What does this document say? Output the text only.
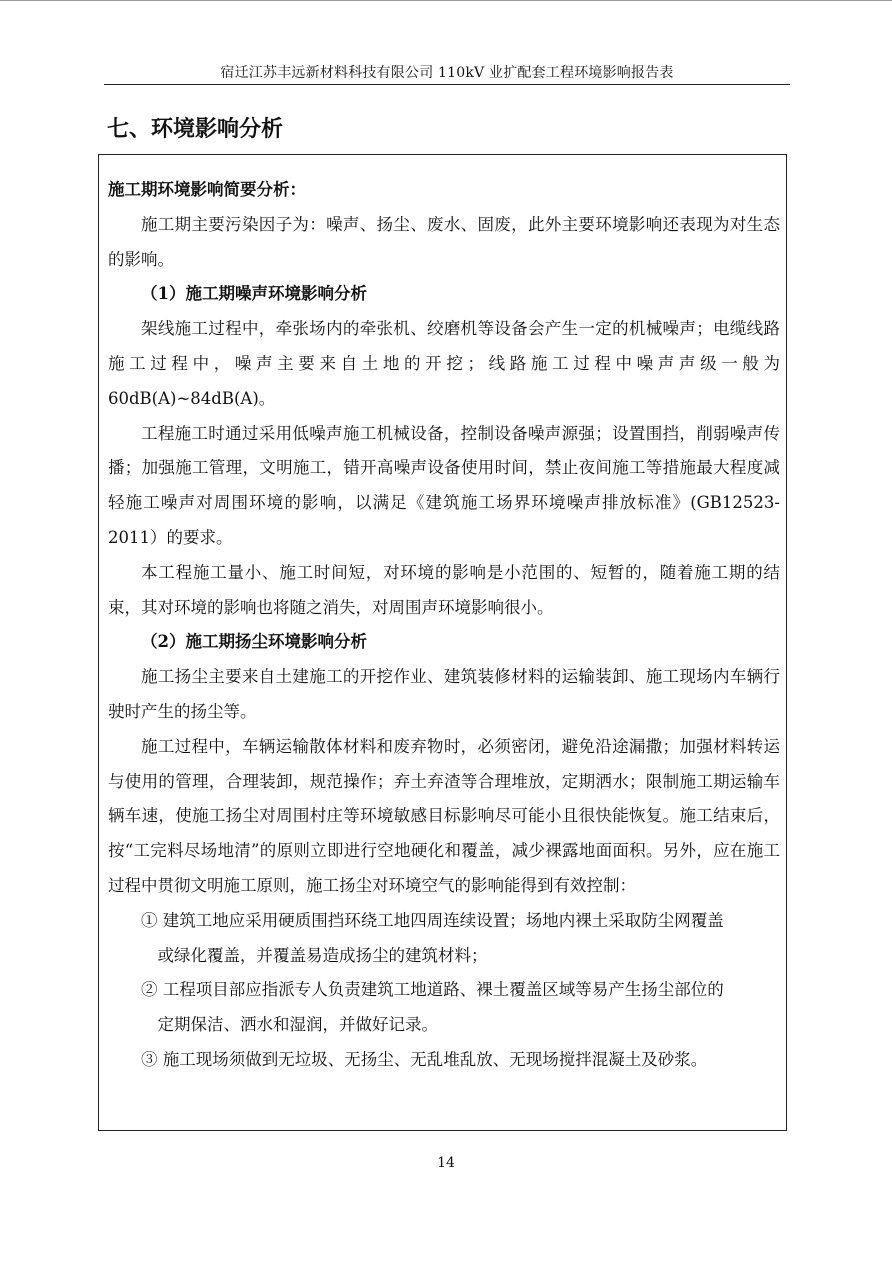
宿迁江苏丰远新材料科技有限公司 110kV 业扩配套工程环境影响报告表
七、环境影响分析

施工期环境影响简要分析：

施工期主要污染因子为：噪声、扬尘、废水、固废，此外主要环境影响还表现为对生态的影响。

（1）施工期噪声环境影响分析

架线施工过程中，牵张场内的牵张机、绞磨机等设备会产生一定的机械噪声；电缆线路施工过程中，噪声主要来自土地的开挖；线路施工过程中噪声声级一般为 60dB(A)~84dB(A)。

工程施工时通过采用低噪声施工机械设备，控制设备噪声源强；设置围挡，削弱噪声传播；加强施工管理，文明施工，错开高噪声设备使用时间，禁止夜间施工等措施最大程度减轻施工噪声对周围环境的影响，以满足《建筑施工场界环境噪声排放标准》(GB12523-2011）的要求。

本工程施工量小、施工时间短，对环境的影响是小范围的、短暂的，随着施工期的结束，其对环境的影响也将随之消失，对周围声环境影响很小。

（2）施工期扬尘环境影响分析

施工扬尘主要来自土建施工的开挖作业、建筑装修材料的运输装卸、施工现场内车辆行驶时产生的扬尘等。

施工过程中，车辆运输散体材料和废弃物时，必须密闭，避免沿途漏撒；加强材料转运与使用的管理，合理装卸，规范操作；弃土弃渣等合理堆放，定期洒水；限制施工期运输车辆车速，使施工扬尘对周围村庄等环境敏感目标影响尽可能小且很快能恢复。施工结束后，按“工完料尽场地清”的原则立即进行空地硬化和覆盖，减少裸露地面面积。另外，应在施工过程中贯彻文明施工原则，施工扬尘对环境空气的影响能得到有效控制：

① 建筑工地应采用硬质围挡环绕工地四周连续设置；场地内裸土采取防尘网覆盖
或绿化覆盖，并覆盖易造成扬尘的建筑材料；

② 工程项目部应指派专人负责建筑工地道路、裸土覆盖区域等易产生扬尘部位的
定期保洁、洒水和湿润，并做好记录。

③ 施工现场须做到无垃圾、无扬尘、无乱堆乱放、无现场搅拌混凝土及砂浆。

14
